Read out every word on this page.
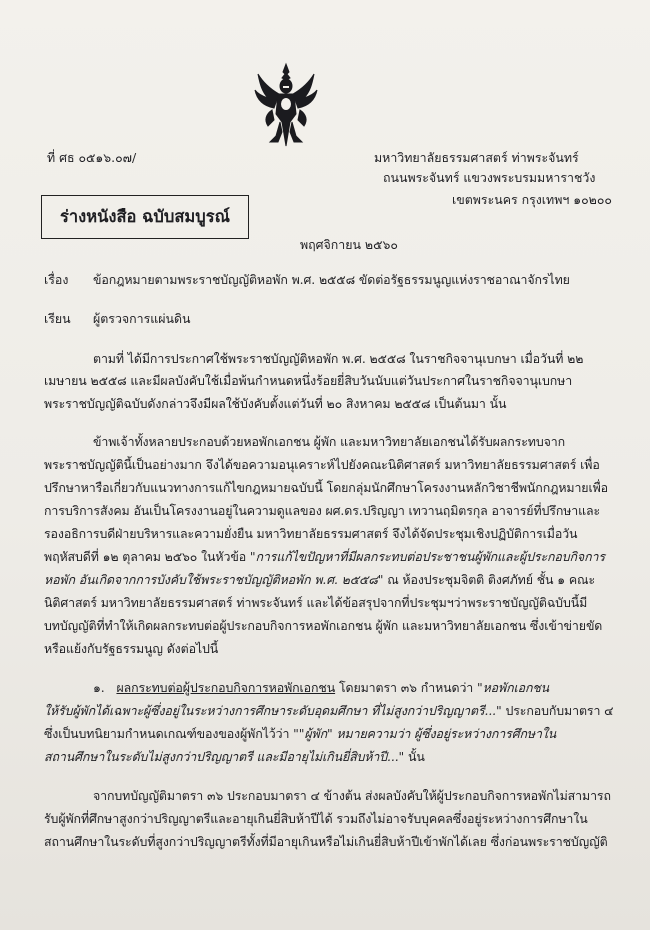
ที่ ศธ ๐๕๑๖.๐๗/	มหาวิทยาลัยธรรมศาสตร์ ท่าพระจันทร์
ถนนพระจันทร์ แขวงพระบรมมหาราชวัง
เขตพระนคร กรุงเทพฯ ๑๐๒๐๐
ร่างหนังสือ ฉบับสมบูรณ์
พฤศจิกายน ๒๕๖๐
เรื่อง ข้อกฎหมายตามพระราชบัญญัติหอพัก พ.ศ. ๒๕๕๘ ขัดต่อรัฐธรรมนูญแห่งราชอาณาจักรไทย
เรียน ผู้ตรวจการแผ่นดิน
ตามที่ ได้มีการประกาศใช้พระราชบัญญัติหอพัก พ.ศ. ๒๕๕๘ ในราชกิจจานุเบกษา เมื่อวันที่ ๒๒
เมษายน ๒๕๕๘ และมีผลบังคับใช้เมื่อพ้นกำหนดหนึ่งร้อยยี่สิบวันนับแต่วันประกาศในราชกิจจานุเบกษา
พระราชบัญญัติฉบับดังกล่าวจึงมีผลใช้บังคับตั้งแต่วันที่ ๒๐ สิงหาคม ๒๕๕๘ เป็นต้นมา นั้น
ข้าพเจ้าทั้งหลายประกอบด้วยหอพักเอกชน ผู้พัก และมหาวิทยาลัยเอกชนได้รับผลกระทบจาก
พระราชบัญญัตินี้เป็นอย่างมาก จึงได้ขอความอนุเคราะห์ไปยังคณะนิติศาสตร์ มหาวิทยาลัยธรรมศาสตร์ เพื่อ
ปรึกษาหารือเกี่ยวกับแนวทางการแก้ไขกฎหมายฉบับนี้ โดยกลุ่มนักศึกษาโครงงานหลักวิชาชีพนักกฎหมายเพื่อ
การบริการสังคม อันเป็นโครงงานอยู่ในความดูแลของ ผศ.ดร.ปริญญา เทวานฤมิตรกุล อาจารย์ที่ปรึกษาและ
รองอธิการบดีฝ่ายบริหารและความยั่งยืน มหาวิทยาลัยธรรมศาสตร์ จึงได้จัดประชุมเชิงปฏิบัติการเมื่อวัน
พฤหัสบดีที่ ๑๒ ตุลาคม ๒๕๖๐ ในหัวข้อ "การแก้ไขปัญหาที่มีผลกระทบต่อประชาชนผู้พักและผู้ประกอบกิจการ
หอพัก อันเกิดจากการบังคับใช้พระราชบัญญัติหอพัก พ.ศ. ๒๕๕๘" ณ ห้องประชุมจิตติ ติงศภัทย์ ชั้น ๑ คณะ
นิติศาสตร์ มหาวิทยาลัยธรรมศาสตร์ ท่าพระจันทร์ และได้ข้อสรุปจากที่ประชุมฯว่าพระราชบัญญัติฉบับนี้มี
บทบัญญัติที่ทำให้เกิดผลกระทบต่อผู้ประกอบกิจการหอพักเอกชน ผู้พัก และมหาวิทยาลัยเอกชน ซึ่งเข้าข่ายขัด
หรือแย้งกับรัฐธรรมนูญ ดังต่อไปนี้
๑. ผลกระทบต่อผู้ประกอบกิจการหอพักเอกชน โดยมาตรา ๓๖ กำหนดว่า "หอพักเอกชน
ให้รับผู้พักได้เฉพาะผู้ซึ่งอยู่ในระหว่างการศึกษาระดับอุดมศึกษา ที่ไม่สูงกว่าปริญญาตรี..." ประกอบกับมาตรา ๔
ซึ่งเป็นบทนิยามกำหนดเกณฑ์ของของผู้พักไว้ว่า ""ผู้พัก" หมายความว่า ผู้ซึ่งอยู่ระหว่างการศึกษาใน
สถานศึกษาในระดับไม่สูงกว่าปริญญาตรี และมีอายุไม่เกินยี่สิบห้าปี..." นั้น
จากบทบัญญัติมาตรา ๓๖ ประกอบมาตรา ๔ ข้างต้น ส่งผลบังคับให้ผู้ประกอบกิจการหอพักไม่สามารถ
รับผู้พักที่ศึกษาสูงกว่าปริญญาตรีและอายุเกินยี่สิบห้าปีได้ รวมถึงไม่อาจรับบุคคลซึ่งอยู่ระหว่างการศึกษาใน
สถานศึกษาในระดับที่สูงกว่าปริญญาตรีทั้งที่มีอายุเกินหรือไม่เกินยี่สิบห้าปีเข้าพักได้เลย ซึ่งก่อนพระราชบัญญัติ
